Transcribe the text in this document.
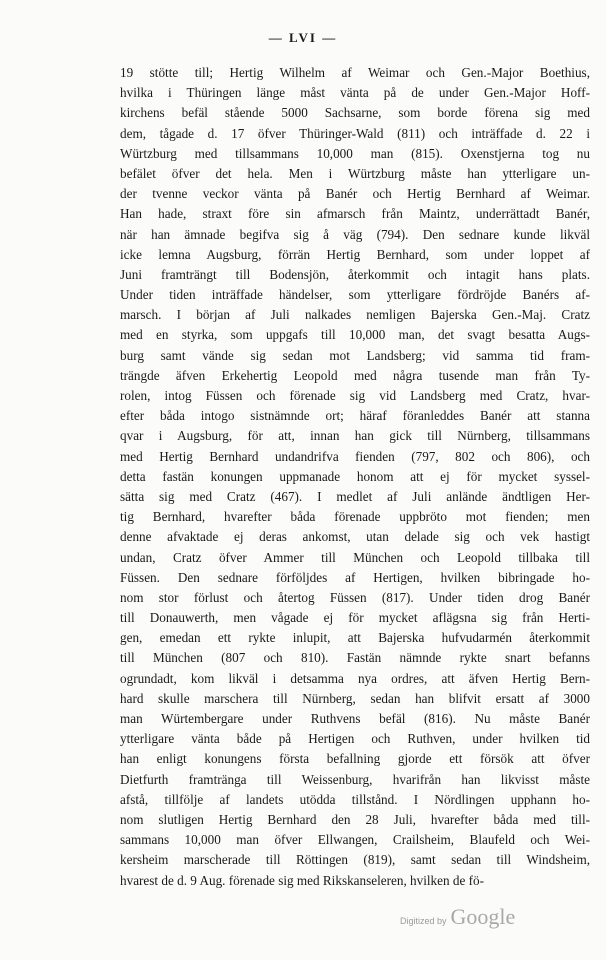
— LVI —
19 stötte till; Hertig Wilhelm af Weimar och Gen.-Major Boethius,
hvilka i Thüringen länge måst vänta på de under Gen.-Major Hoff-
kirchens befäl stående 5000 Sachsarne, som borde förena sig med
dem, tågade d. 17 öfver Thüringer-Wald (811) och inträffade d. 22 i
Würtzburg med tillsammans 10,000 man (815). Oxenstjerna tog nu
befälet öfver det hela. Men i Würtzburg måste han ytterligare un-
der tvenne veckor vänta på Banér och Hertig Bernhard af Weimar.
Han hade, straxt före sin afmarsch från Maintz, underrättadt Banér,
när han ämnade begifva sig å väg (794). Den sednare kunde likväl
icke lemna Augsburg, förrän Hertig Bernhard, som under loppet af
Juni framträngt till Bodensjön, återkommit och intagit hans plats.
Under tiden inträffade händelser, som ytterligare fördröjde Banérs af-
marsch. I början af Juli nalkades nemligen Bajerska Gen.-Maj. Cratz
med en styrka, som uppgafs till 10,000 man, det svagt besatta Augs-
burg samt vände sig sedan mot Landsberg; vid samma tid fram-
trängde äfven Erkehertig Leopold med några tusende man från Ty-
rolen, intog Füssen och förenade sig vid Landsberg med Cratz, hvar-
efter båda intogo sistnämnde ort; häraf föranleddes Banér att stanna
qvar i Augsburg, för att, innan han gick till Nürnberg, tillsammans
med Hertig Bernhard undandrifva fienden (797, 802 och 806), och
detta fastän konungen uppmanade honom att ej för mycket syssel-
sätta sig med Cratz (467). I medlet af Juli anlände ändtligen Her-
tig Bernhard, hvarefter båda förenade uppbröto mot fienden; men
denne afvaktade ej deras ankomst, utan delade sig och vek hastigt
undan, Cratz öfver Ammer till München och Leopold tillbaka till
Füssen. Den sednare förföljdes af Hertigen, hvilken bibringade ho-
nom stor förlust och återtog Füssen (817). Under tiden drog Banér
till Donauwerth, men vågade ej för mycket aflägsna sig från Herti-
gen, emedan ett rykte inlupit, att Bajerska hufvudarmén återkommit
till München (807 och 810). Fastän nämnde rykte snart befanns
ogrundadt, kom likväl i detsamma nya ordres, att äfven Hertig Bern-
hard skulle marschera till Nürnberg, sedan han blifvit ersatt af 3000
man Würtembergare under Ruthvens befäl (816). Nu måste Banér
ytterligare vänta både på Hertigen och Ruthven, under hvilken tid
han enligt konungens första befallning gjorde ett försök att öfver
Dietfurth framtränga till Weissenburg, hvarifrån han likvisst måste
afstå, tillfölje af landets utödda tillstånd. I Nördlingen upphann ho-
nom slutligen Hertig Bernhard den 28 Juli, hvarefter båda med till-
sammans 10,000 man öfver Ellwangen, Crailsheim, Blaufeld och Wei-
kersheim marscherade till Röttingen (819), samt sedan till Windsheim,
hvarest de d. 9 Aug. förenade sig med Rikskanseleren, hvilken de fö-
Digitized by Google
